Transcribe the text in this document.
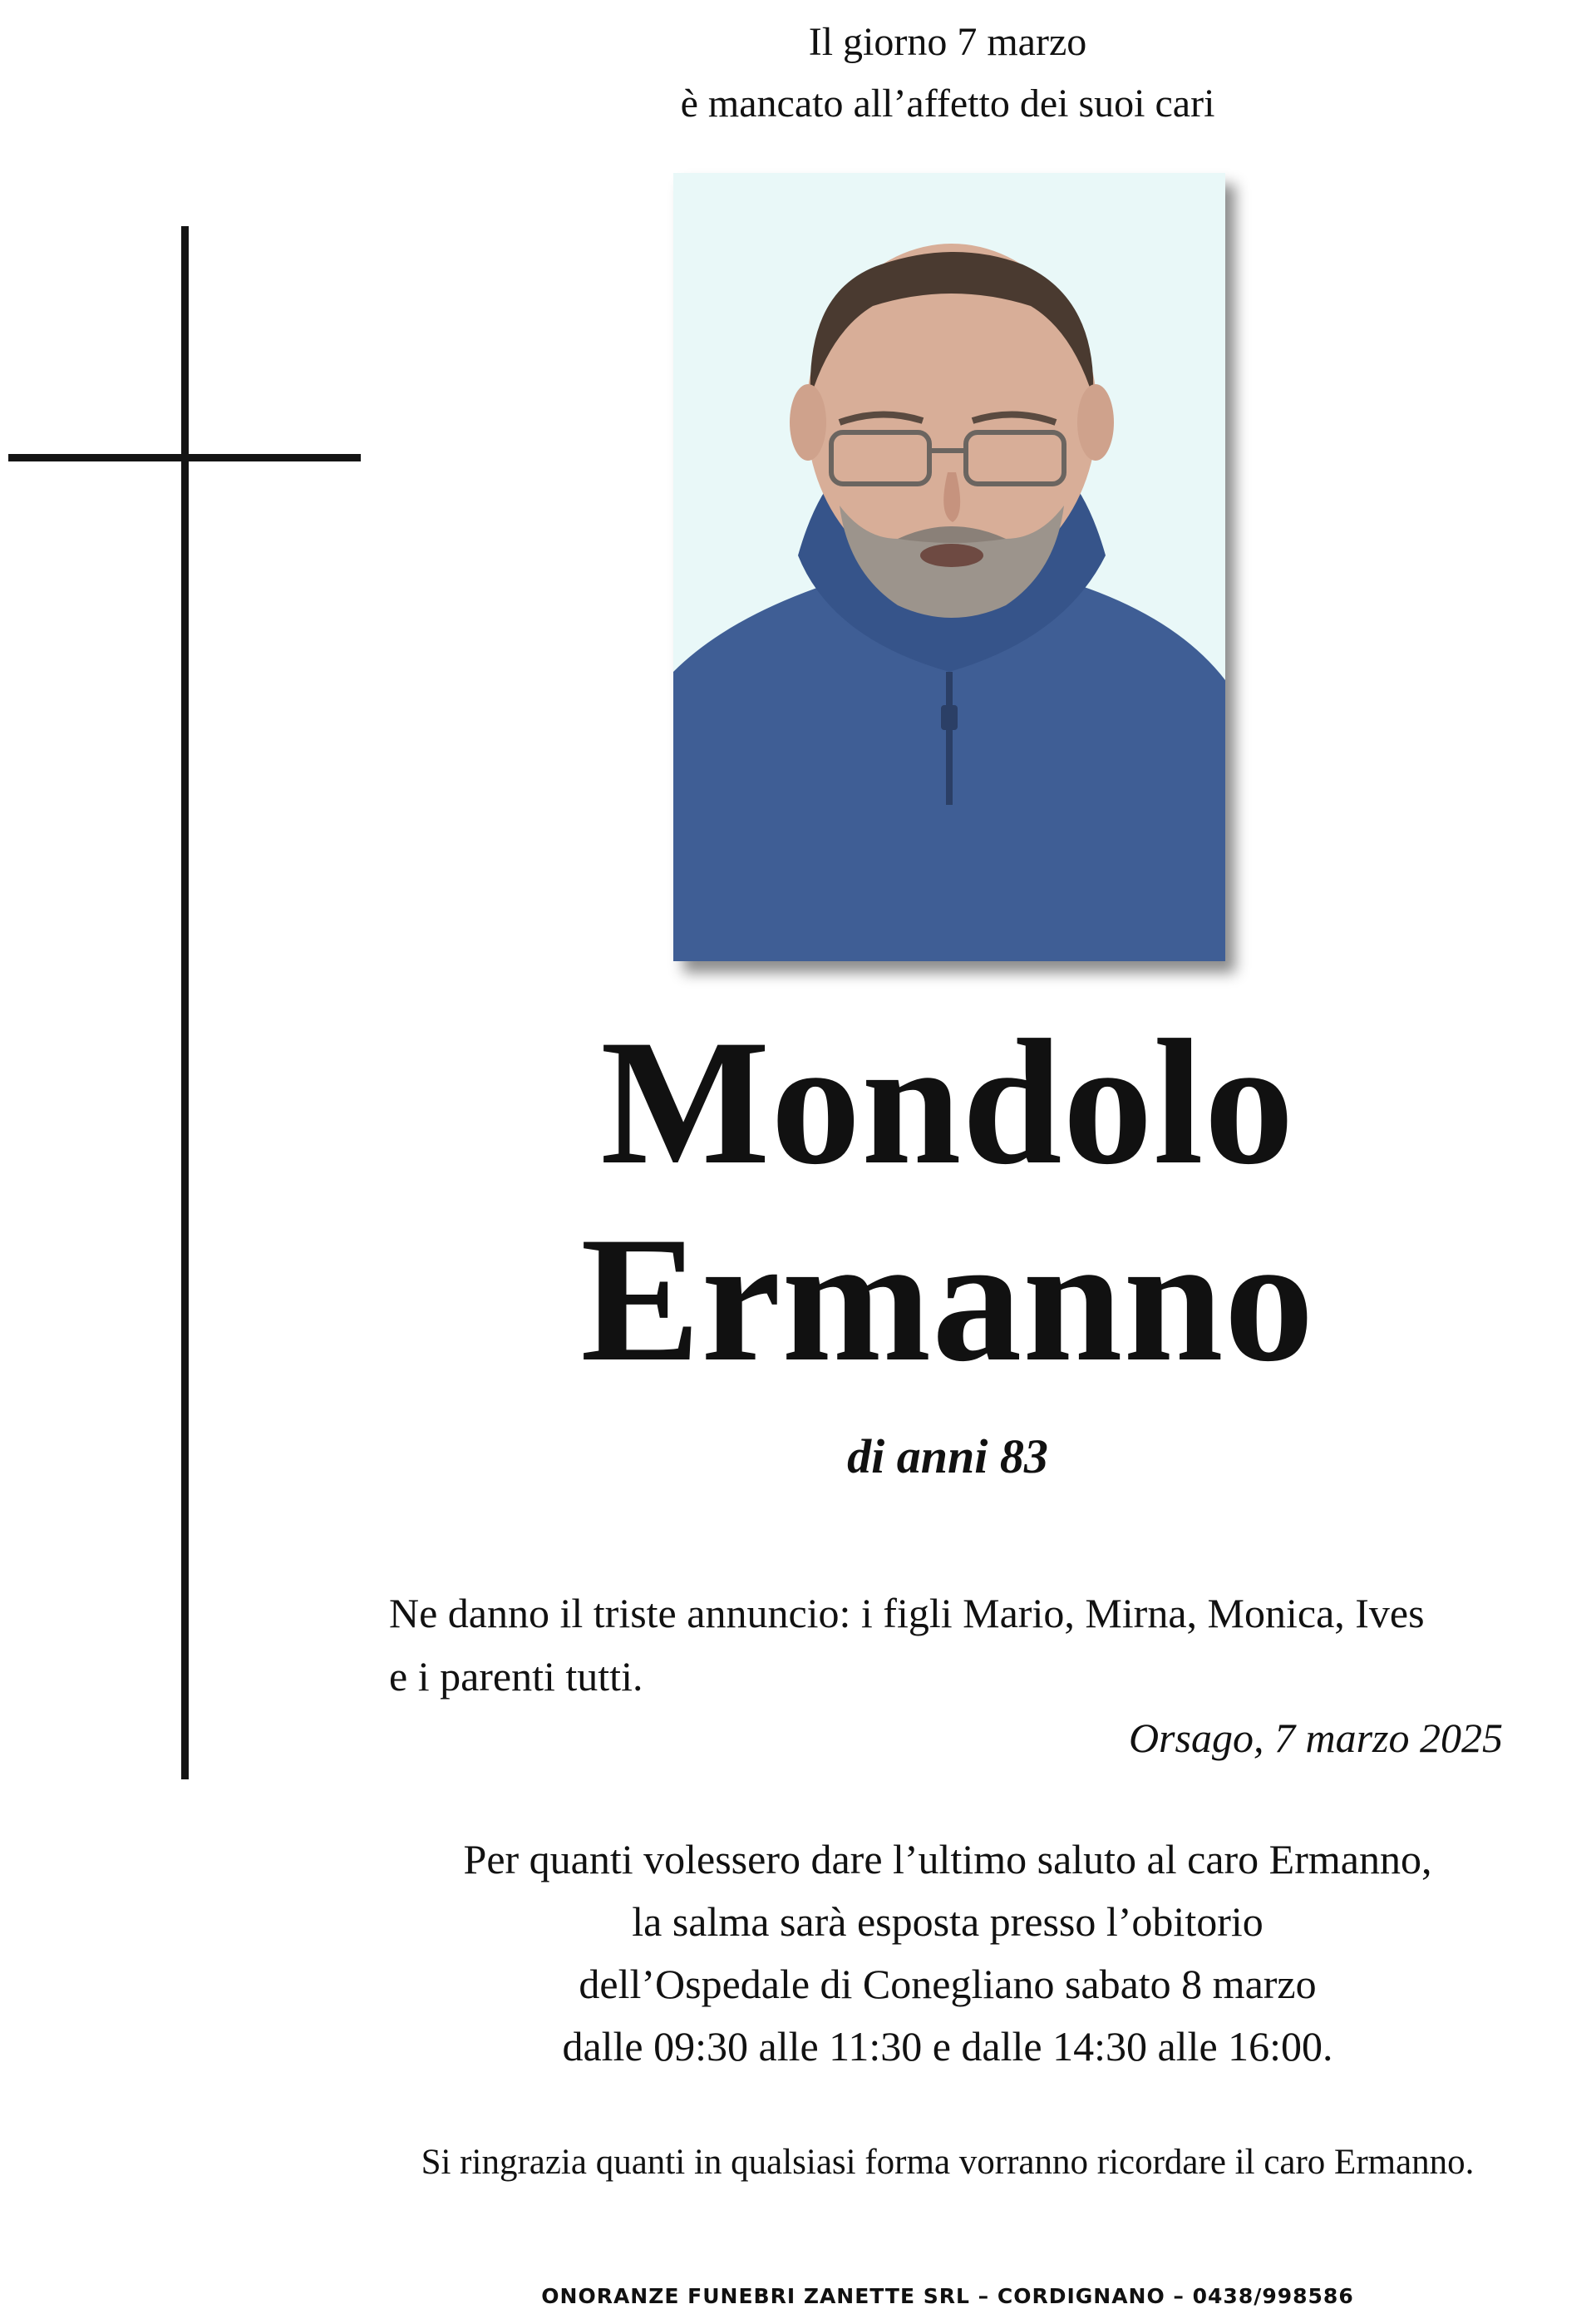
Il giorno 7 marzo
è mancato all’affetto dei suoi cari
Mondolo
Ermanno
di anni 83
Ne danno il triste annuncio: i figli Mario, Mirna, Monica, Ives
e i parenti tutti.
Orsago, 7 marzo 2025
Per quanti volessero dare l’ultimo saluto al caro Ermanno,
la salma sarà esposta presso l’obitorio
dell’Ospedale di Conegliano sabato 8 marzo
dalle 09:30 alle 11:30 e dalle 14:30 alle 16:00.
Si ringrazia quanti in qualsiasi forma vorranno ricordare il caro Ermanno.
ONORANZE FUNEBRI ZANETTE SRL – CORDIGNANO – 0438/998586
